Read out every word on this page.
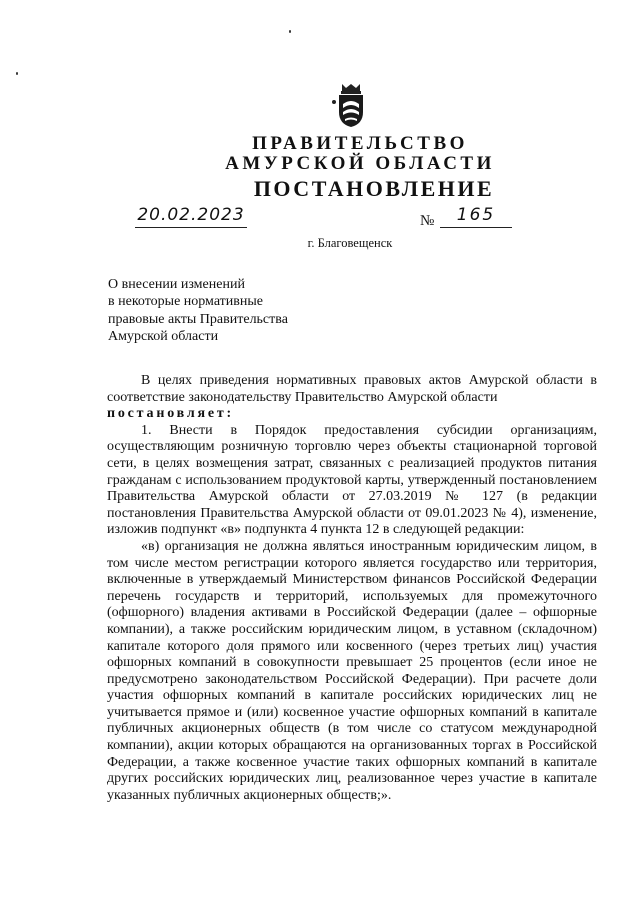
ПРАВИТЕЛЬСТВО
АМУРСКОЙ ОБЛАСТИ
ПОСТАНОВЛЕНИЕ
20.02.2023	№	165
г. Благовещенск
О внесении изменений
в некоторые нормативные
правовые акты Правительства
Амурской области

В целях приведения нормативных правовых актов Амурской области в соответствие законодательству Правительство Амурской области

постановляет:

1. Внести в Порядок предоставления субсидии организациям, осуществляющим розничную торговлю через объекты стационарной торговой сети, в целях возмещения затрат, связанных с реализацией продуктов питания гражданам с использованием продуктовой карты, утвержденный постановлением Правительства Амурской области от 27.03.2019 № 127 (в редакции постановления Правительства Амурской области от 09.01.2023 № 4), изменение, изложив подпункт «в» подпункта 4 пункта 12 в следующей редакции:

«в) организация не должна являться иностранным юридическим лицом, в том числе местом регистрации которого является государство или территория, включенные в утверждаемый Министерством финансов Российской Федерации перечень государств и территорий, используемых для промежуточного (офшорного) владения активами в Российской Федерации (далее – офшорные компании), а также российским юридическим лицом, в уставном (складочном) капитале которого доля прямого или косвенного (через третьих лиц) участия офшорных компаний в совокупности превышает 25 процентов (если иное не предусмотрено законодательством Российской Федерации). При расчете доли участия офшорных компаний в капитале российских юридических лиц не учитывается прямое и (или) косвенное участие офшорных компаний в капитале публичных акционерных обществ (в том числе со статусом международной компании), акции которых обращаются на организованных торгах в Российской Федерации, а также косвенное участие таких офшорных компаний в капитале других российских юридических лиц, реализованное через участие в капитале указанных публичных акционерных обществ;».
